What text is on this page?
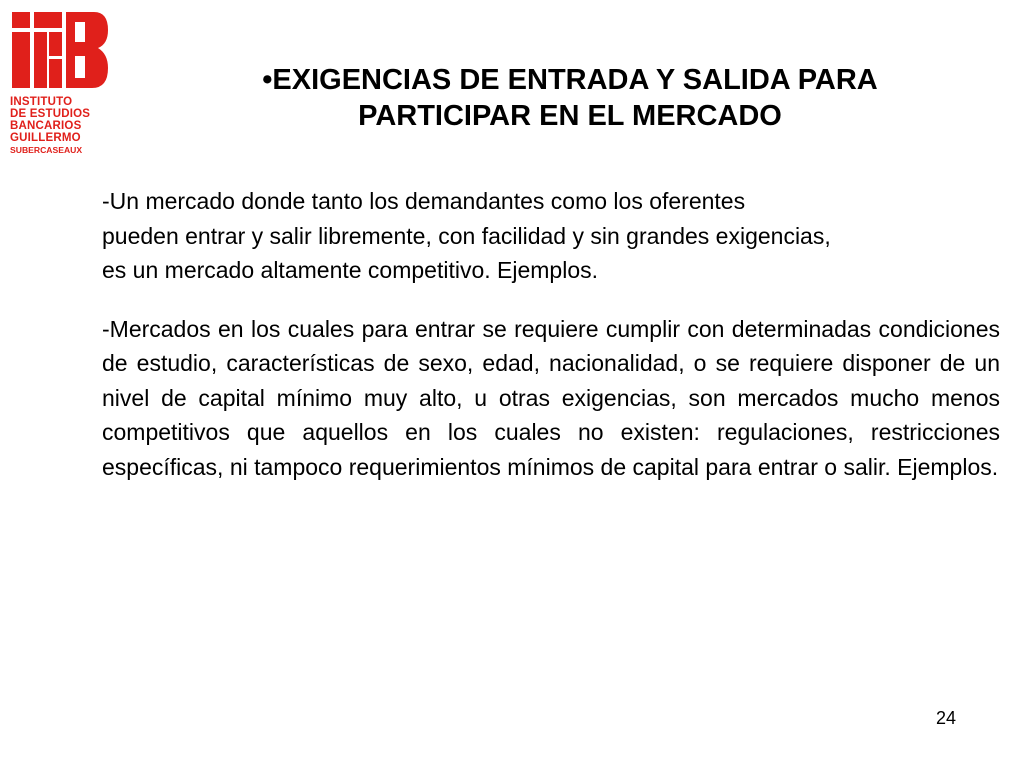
INSTITUTO
DE ESTUDIOS
BANCARIOS
GUILLERMO
SUBERCASEAUX
•EXIGENCIAS DE ENTRADA Y SALIDA PARA
PARTICIPAR EN EL MERCADO
-Un mercado donde tanto los demandantes como los oferentes
pueden entrar y salir libremente, con facilidad y sin grandes exigencias,
es un mercado altamente competitivo. Ejemplos.

-Mercados en los cuales para entrar se requiere cumplir con determinadas condiciones de estudio, características de sexo, edad, nacionalidad, o se requiere disponer de un nivel de capital mínimo muy alto, u otras exigencias, son mercados mucho menos competitivos que aquellos en los cuales no existen: regulaciones, restricciones específicas, ni tampoco requerimientos mínimos de capital para entrar o salir. Ejemplos.

24
